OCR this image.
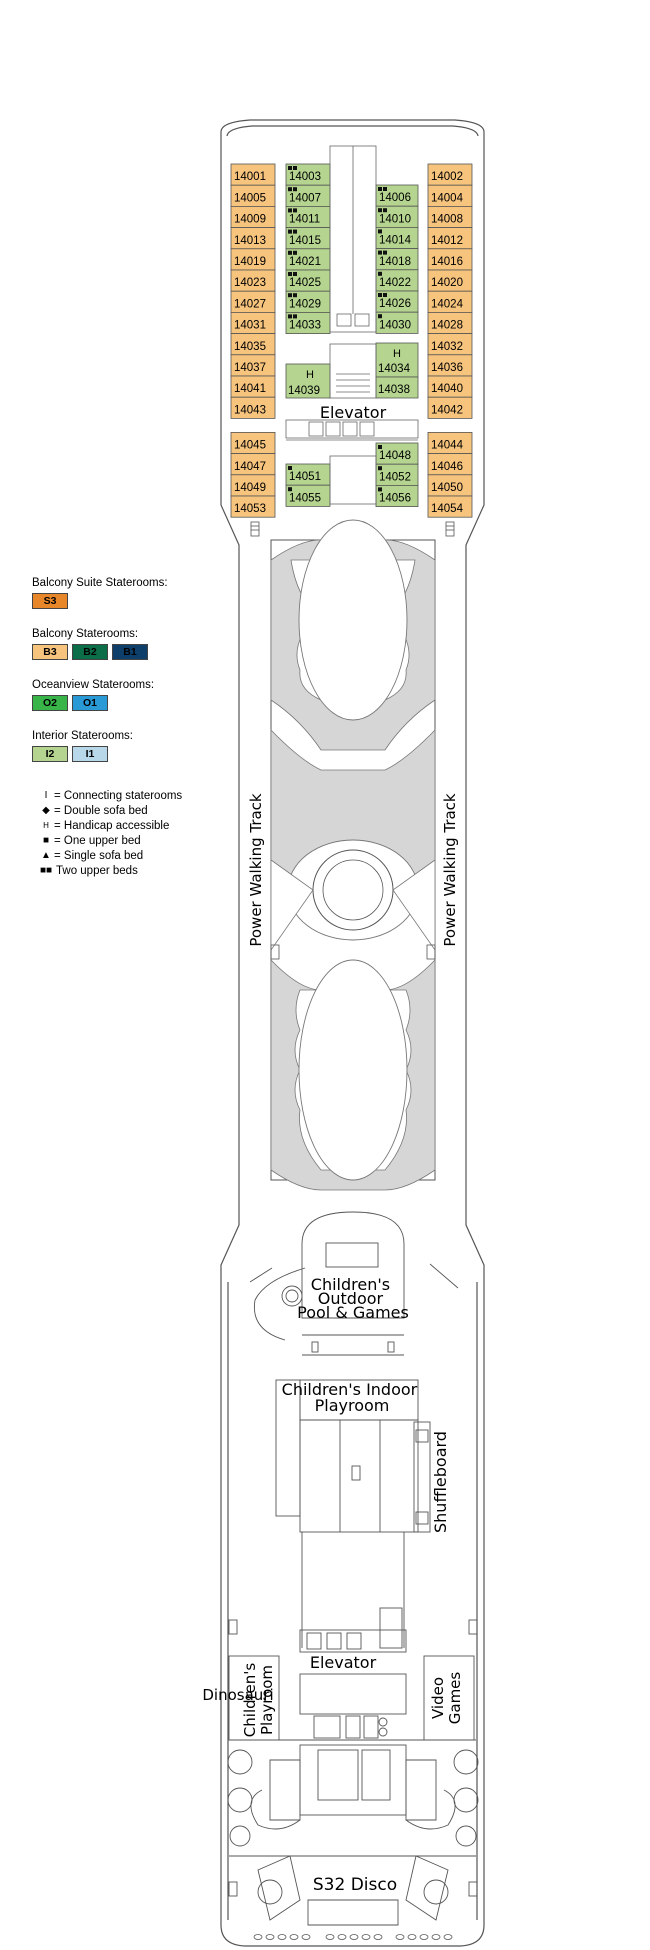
14001
14005
14009
14013
14019
14023
14027
14031
14035
14037
14041
14043
14045
14047
14049
14053
14002
14004
14008
14012
14016
14020
14024
14028
14032
14036
14040
14042
14044
14046
14050
14054
14003
14007
14011
14015
14021
14025
14029
14033
14006
14010
14014
14018
14022
14026
14030
14051
14055
14048
14052
14056
H
14039
H
14034
14038
Elevator
Power Walking Track	Power Walking Track
Children's Outdoor Pool & Games
Children's Indoor Playroom
Shuffleboard
Elevator
Dinosauri
Children's Playroom	Video Games
S32 Disco
Balcony Suite Staterooms:
S3
Balcony Staterooms:
B3	B2	B1
Oceanview Staterooms:
O2	O1
Interior Staterooms:
I2	I1
I = Connecting staterooms
◆ = Double sofa bed
H = Handicap accessible
■ = One upper bed
▲ = Single sofa bed
■■ Two upper beds
